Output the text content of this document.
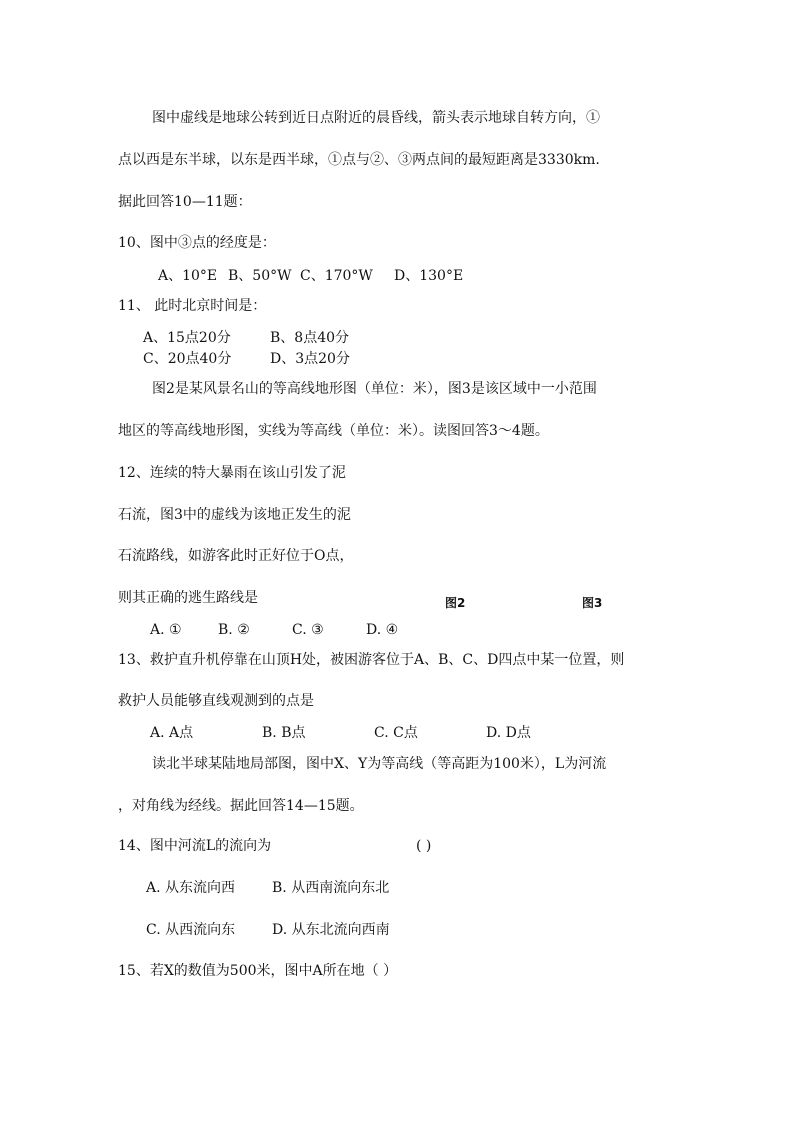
图中虚线是地球公转到近日点附近的晨昏线，箭头表示地球自转方向，①
点以西是东半球，以东是西半球，①点与②、③两点间的最短距离是3330km.
据此回答10—11题：
10、图中③点的经度是：
A、10°E B、50°W C、170°W D、130°E
11、 此时北京时间是：
A、15点20分	B、8点40分
C、20点40分	D、3点20分
图2是某风景名山的等高线地形图（单位：米），图3是该区域中一小范围
地区的等高线地形图，实线为等高线（单位：米）。读图回答3～4题。
12、连续的特大暴雨在该山引发了泥
石流，图3中的虚线为该地正发生的泥
石流路线，如游客此时正好位于O点，
则其正确的逃生路线是	图2	图3
A. ①	B. ②	C. ③	D. ④
13、救护直升机停靠在山顶H处，被困游客位于A、B、C、D四点中某一位置，则
救护人员能够直线观测到的点是
A. A点	B. B点	C. C点	D. D点
读北半球某陆地局部图，图中X、Y为等高线（等高距为100米），L为河流
，对角线为经线。据此回答14—15题。
14、图中河流L的流向为	( )
A. 从东流向西	B. 从西南流向东北
C. 从西流向东	D. 从东北流向西南
15、若X的数值为500米，图中A所在地（ ）
